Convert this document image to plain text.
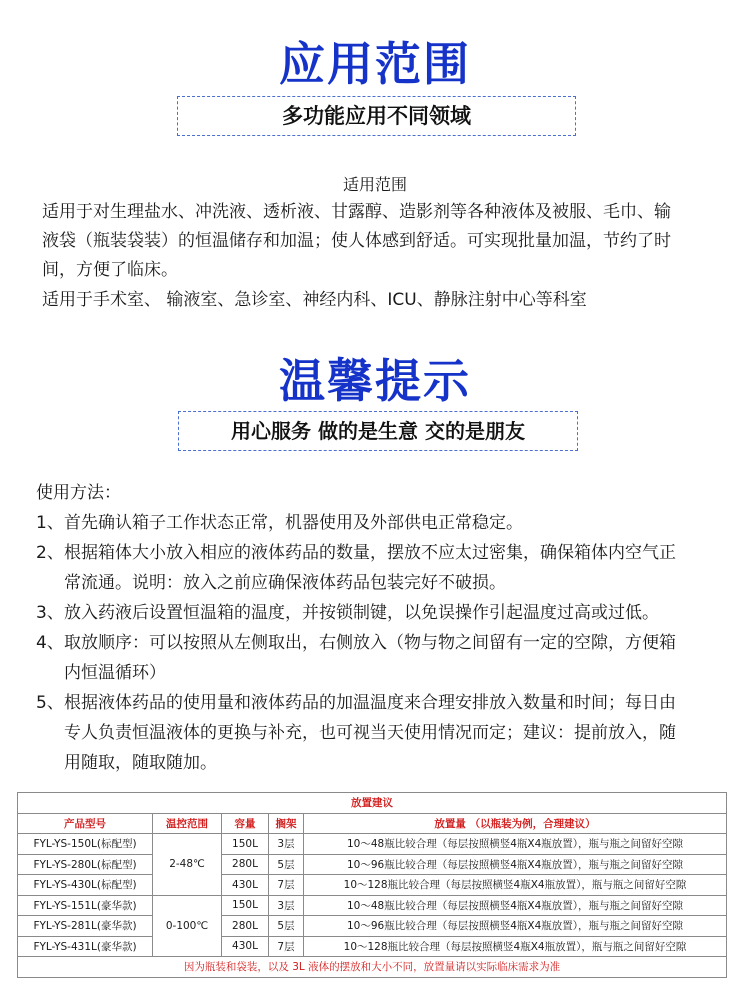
应用范围
多功能应用不同领域
适用范围
适用于对生理盐水、冲洗液、透析液、甘露醇、造影剂等各种液体及被服、毛巾、输
液袋（瓶装袋装）的恒温储存和加温；使人体感到舒适。可实现批量加温，节约了时
间，方便了临床。
适用于手术室、 输液室、急诊室、神经内科、ICU、静脉注射中心等科室
温馨提示
用心服务 做的是生意 交的是朋友
使用方法：
1、 首先确认箱子工作状态正常，机器使用及外部供电正常稳定。
2、 根据箱体大小放入相应的液体药品的数量，摆放不应太过密集，确保箱体内空气正
常流通。说明：放入之前应确保液体药品包装完好不破损。
3、 放入药液后设置恒温箱的温度，并按锁制键，以免误操作引起温度过高或过低。
4、 取放顺序：可以按照从左侧取出，右侧放入（物与物之间留有一定的空隙，方便箱
内恒温循环）
5、 根据液体药品的使用量和液体药品的加温温度来合理安排放入数量和时间；每日由
专人负责恒温液体的更换与补充，也可视当天使用情况而定；建议：提前放入，随
用随取，随取随加。
放置建议				
产品型号	温控范围	容量	搁架	放置量 （以瓶装为例，合理建议）
FYL-YS-150L(标配型)	2-48℃	150L	3层	10～48瓶比较合理（每层按照横竖4瓶X4瓶放置），瓶与瓶之间留好空隙
FYL-YS-280L(标配型)		280L	5层	10～96瓶比较合理（每层按照横竖4瓶X4瓶放置），瓶与瓶之间留好空隙
FYL-YS-430L(标配型)		430L	7层	10～128瓶比较合理（每层按照横竖4瓶X4瓶放置），瓶与瓶之间留好空隙
FYL-YS-151L(豪华款)	0-100℃	150L	3层	10～48瓶比较合理（每层按照横竖4瓶X4瓶放置），瓶与瓶之间留好空隙
FYL-YS-281L(豪华款)		280L	5层	10～96瓶比较合理（每层按照横竖4瓶X4瓶放置），瓶与瓶之间留好空隙
FYL-YS-431L(豪华款)		430L	7层	10～128瓶比较合理（每层按照横竖4瓶X4瓶放置），瓶与瓶之间留好空隙
因为瓶装和袋装，以及 3L 液体的摆放和大小不同，放置量请以实际临床需求为准				
